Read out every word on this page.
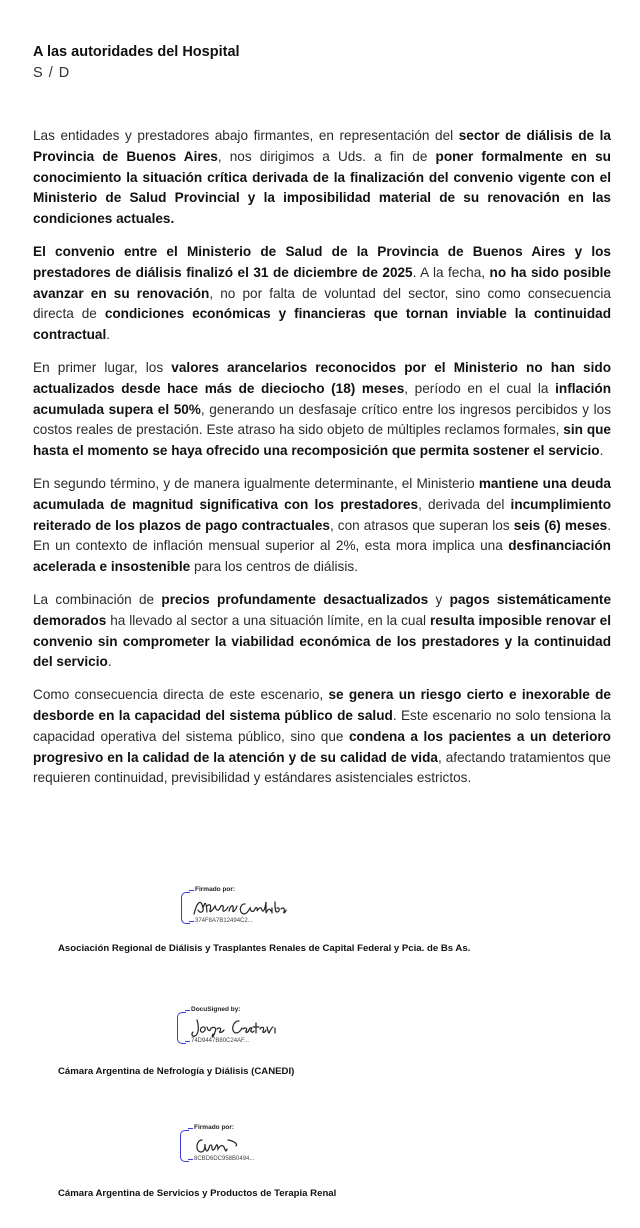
A las autoridades del Hospital
S / D

Las entidades y prestadores abajo firmantes, en representación del sector de diálisis de la Provincia de Buenos Aires, nos dirigimos a Uds. a fin de poner formalmente en su conocimiento la situación crítica derivada de la finalización del convenio vigente con el Ministerio de Salud Provincial y la imposibilidad material de su renovación en las condiciones actuales.

El convenio entre el Ministerio de Salud de la Provincia de Buenos Aires y los prestadores de diálisis finalizó el 31 de diciembre de 2025. A la fecha, no ha sido posible avanzar en su renovación, no por falta de voluntad del sector, sino como consecuencia directa de condiciones económicas y financieras que tornan inviable la continuidad contractual.

En primer lugar, los valores arancelarios reconocidos por el Ministerio no han sido actualizados desde hace más de dieciocho (18) meses, período en el cual la inflación acumulada supera el 50%, generando un desfasaje crítico entre los ingresos percibidos y los costos reales de prestación. Este atraso ha sido objeto de múltiples reclamos formales, sin que hasta el momento se haya ofrecido una recomposición que permita sostener el servicio.

En segundo término, y de manera igualmente determinante, el Ministerio mantiene una deuda acumulada de magnitud significativa con los prestadores, derivada del incumplimiento reiterado de los plazos de pago contractuales, con atrasos que superan los seis (6) meses. En un contexto de inflación mensual superior al 2%, esta mora implica una desfinanciación acelerada e insostenible para los centros de diálisis.

La combinación de precios profundamente desactualizados y pagos sistemáticamente demorados ha llevado al sector a una situación límite, en la cual resulta imposible renovar el convenio sin comprometer la viabilidad económica de los prestadores y la continuidad del servicio.

Como consecuencia directa de este escenario, se genera un riesgo cierto e inexorable de desborde en la capacidad del sistema público de salud. Este escenario no solo tensiona la capacidad operativa del sistema público, sino que condena a los pacientes a un deterioro progresivo en la calidad de la atención y de su calidad de vida, afectando tratamientos que requieren continuidad, previsibilidad y estándares asistenciales estrictos.

Firmado por:
374F8A7B12494C2...
Asociación Regional de Diálisis y Trasplantes Renales de Capital Federal y Pcia. de Bs As.
DocuSigned by:
74D9447B80C24AF...
Cámara Argentina de Nefrología y Diálisis (CANEDI)
Firmado por:
8CBD6DC958B0494...
Cámara Argentina de Servicios y Productos de Terapia Renal
